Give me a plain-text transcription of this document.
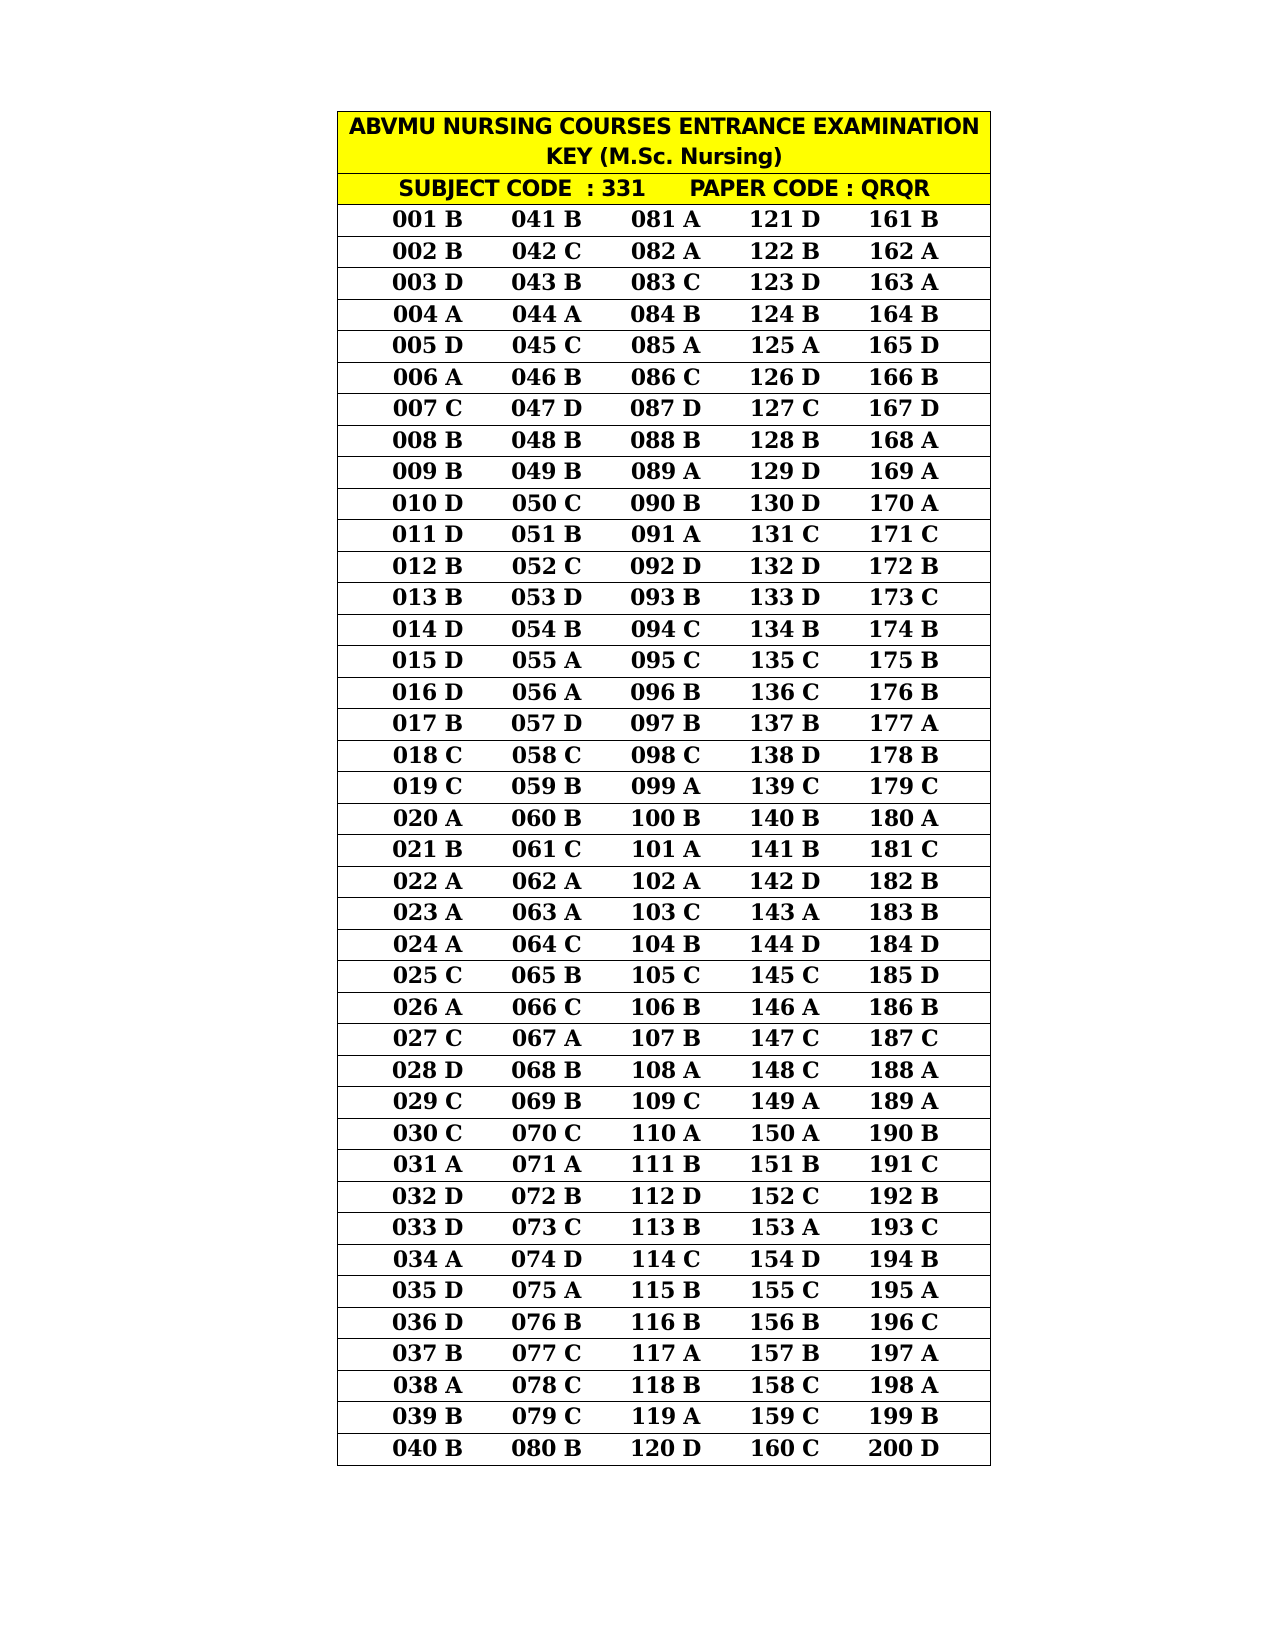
ABVMU NURSING COURSES ENTRANCE EXAMINATION
KEY (M.Sc. Nursing)
SUBJECT CODE  : 331 PAPER CODE : QRQR
001 B	041 B	081 A	121 D	161 B
002 B	042 C	082 A	122 B	162 A
003 D	043 B	083 C	123 D	163 A
004 A	044 A	084 B	124 B	164 B
005 D	045 C	085 A	125 A	165 D
006 A	046 B	086 C	126 D	166 B
007 C	047 D	087 D	127 C	167 D
008 B	048 B	088 B	128 B	168 A
009 B	049 B	089 A	129 D	169 A
010 D	050 C	090 B	130 D	170 A
011 D	051 B	091 A	131 C	171 C
012 B	052 C	092 D	132 D	172 B
013 B	053 D	093 B	133 D	173 C
014 D	054 B	094 C	134 B	174 B
015 D	055 A	095 C	135 C	175 B
016 D	056 A	096 B	136 C	176 B
017 B	057 D	097 B	137 B	177 A
018 C	058 C	098 C	138 D	178 B
019 C	059 B	099 A	139 C	179 C
020 A	060 B	100 B	140 B	180 A
021 B	061 C	101 A	141 B	181 C
022 A	062 A	102 A	142 D	182 B
023 A	063 A	103 C	143 A	183 B
024 A	064 C	104 B	144 D	184 D
025 C	065 B	105 C	145 C	185 D
026 A	066 C	106 B	146 A	186 B
027 C	067 A	107 B	147 C	187 C
028 D	068 B	108 A	148 C	188 A
029 C	069 B	109 C	149 A	189 A
030 C	070 C	110 A	150 A	190 B
031 A	071 A	111 B	151 B	191 C
032 D	072 B	112 D	152 C	192 B
033 D	073 C	113 B	153 A	193 C
034 A	074 D	114 C	154 D	194 B
035 D	075 A	115 B	155 C	195 A
036 D	076 B	116 B	156 B	196 C
037 B	077 C	117 A	157 B	197 A
038 A	078 C	118 B	158 C	198 A
039 B	079 C	119 A	159 C	199 B
040 B	080 B	120 D	160 C	200 D
